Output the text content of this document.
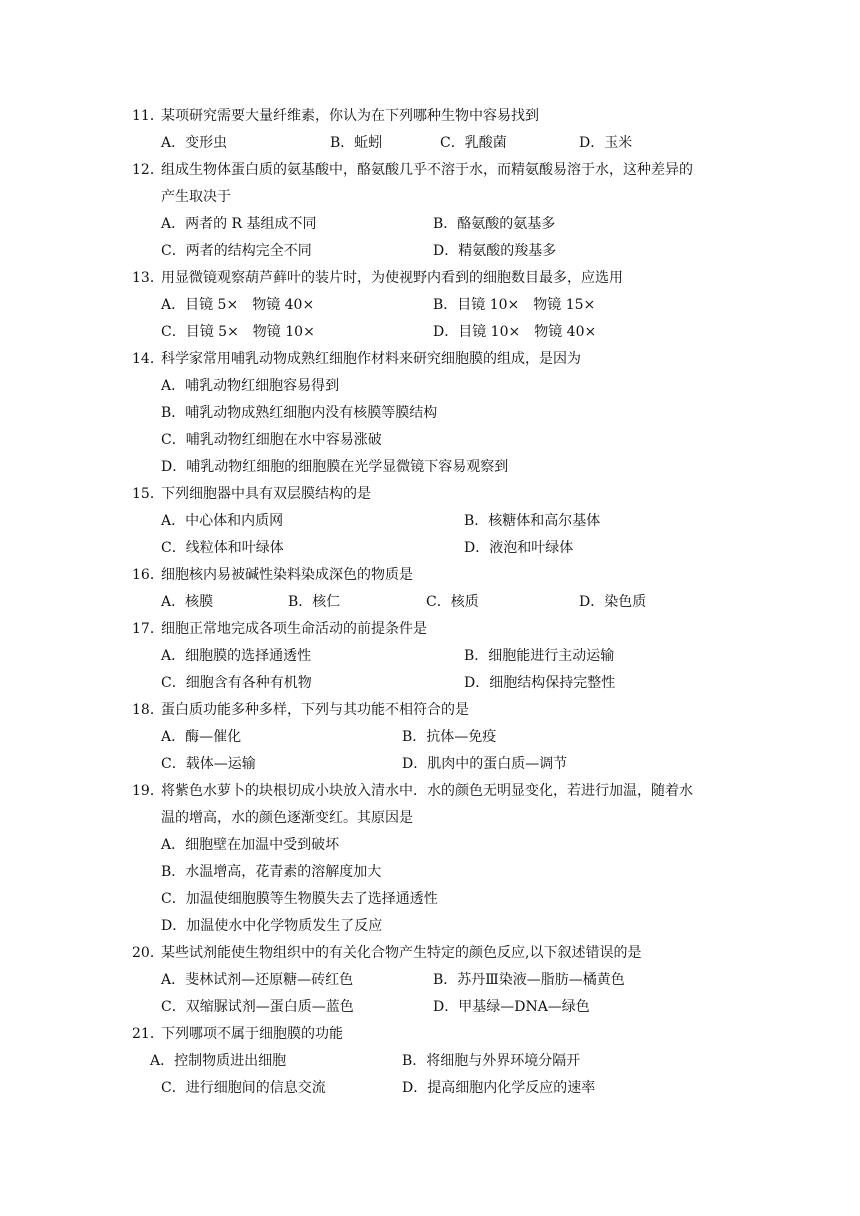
11．
某项研究需要大量纤维素，你认为在下列哪种生物中容易找到
A．变形虫	B．蚯蚓	C．乳酸菌	D．玉米
12．
组成生物体蛋白质的氨基酸中，酪氨酸几乎不溶于水，而精氨酸易溶于水，这种差异的
产生取决于
A．两者的 R 基组成不同	B．酪氨酸的氨基多
C．两者的结构完全不同	D．精氨酸的羧基多
13．
用显微镜观察葫芦藓叶的装片时，为使视野内看到的细胞数目最多，应选用
A．目镜 5×　物镜 40×	B．目镜 10×　物镜 15×
C．目镜 5×　物镜 10×	D．目镜 10×　物镜 40×
14．
科学家常用哺乳动物成熟红细胞作材料来研究细胞膜的组成，是因为
A．哺乳动物红细胞容易得到
B．哺乳动物成熟红细胞内没有核膜等膜结构
C．哺乳动物红细胞在水中容易涨破
D．哺乳动物红细胞的细胞膜在光学显微镜下容易观察到
15．
下列细胞器中具有双层膜结构的是
A．中心体和内质网	B．核糖体和高尔基体
C．线粒体和叶绿体	D．液泡和叶绿体
16．
细胞核内易被碱性染料染成深色的物质是
A．核膜	B．核仁	C．核质	D．染色质
17．
细胞正常地完成各项生命活动的前提条件是
A．细胞膜的选择通透性	B．细胞能进行主动运输
C．细胞含有各种有机物	D．细胞结构保持完整性
18．
蛋白质功能多种多样，下列与其功能不相符合的是
A．酶—催化	B．抗体—免疫
C．载体—运输	D．肌肉中的蛋白质—调节
19．
将紫色水萝卜的块根切成小块放入清水中．水的颜色无明显变化，若进行加温，随着水
温的增高，水的颜色逐渐变红。其原因是
A．细胞壁在加温中受到破坏
B．水温增高，花青素的溶解度加大
C．加温使细胞膜等生物膜失去了选择通透性
D．加温使水中化学物质发生了反应
20．
某些试剂能使生物组织中的有关化合物产生特定的颜色反应,以下叙述错误的是
A．斐林试剂—还原糖—砖红色	B．苏丹Ⅲ染液—脂肪—橘黄色
C．双缩脲试剂—蛋白质—蓝色	D．甲基绿—DNA—绿色
21．
下列哪项不属于细胞膜的功能
A．控制物质进出细胞	B．将细胞与外界环境分隔开
C．进行细胞间的信息交流	D．提高细胞内化学反应的速率
